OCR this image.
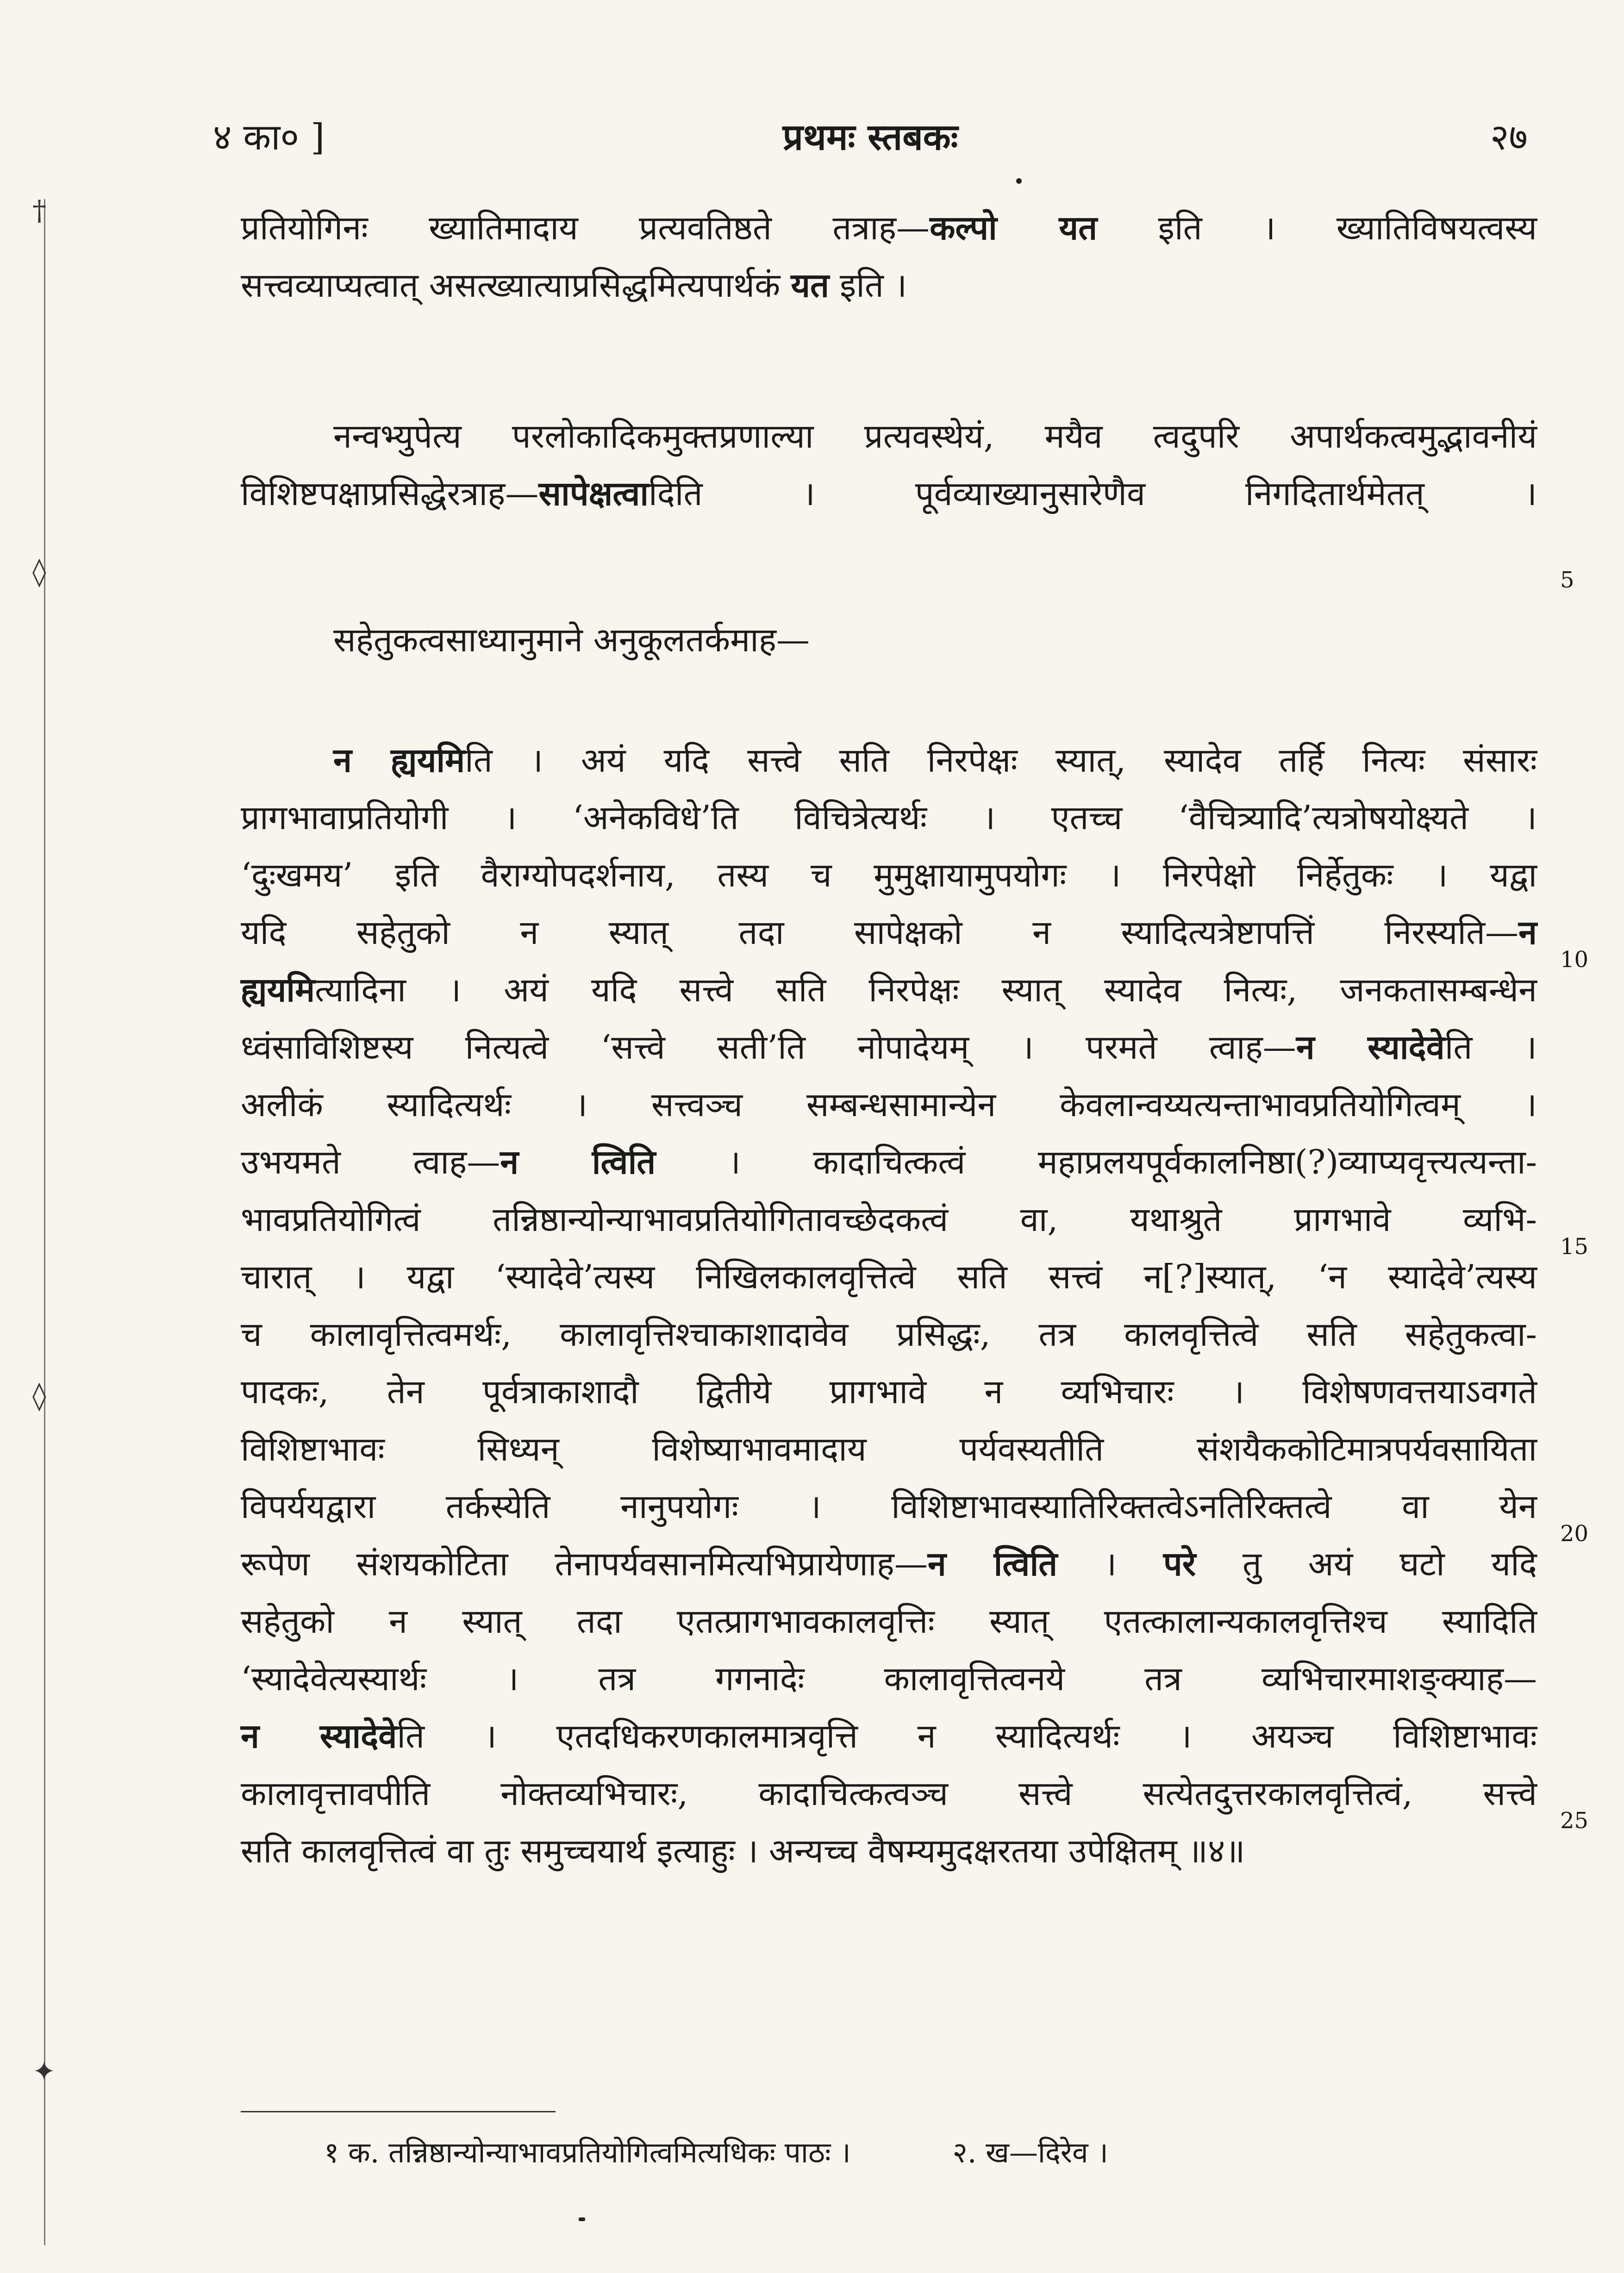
†
◊
◊
✦
४ का० ]	प्रथमः स्तबकः	२७
प्रतियोगिनः ख्यातिमादाय प्रत्यवतिष्ठते तत्राह—कल्पो यत इति । ख्यातिविषयत्वस्य
सत्त्वव्याप्यत्वात् असत्ख्यात्याप्रसिद्धमित्यपार्थकं यत इति ।
नन्वभ्युपेत्य परलोकादिकमुक्तप्रणाल्या प्रत्यवस्थेयं, मयैव त्वदुपरि अपार्थकत्वमुद्भावनीयं
विशिष्टपक्षाप्रसिद्धेरत्राह—सापेक्षत्वादिति । पूर्वव्याख्यानुसारेणैव निगदितार्थमेतत् ।
5
सहेतुकत्वसाध्यानुमाने अनुकूलतर्कमाह—
न ह्ययमिति । अयं यदि सत्त्वे सति निरपेक्षः स्यात्, स्यादेव तर्हि नित्यः संसारः
प्रागभावाप्रतियोगी । ‘अनेकविधे’ति विचित्रेत्यर्थः । एतच्च ‘वैचित्र्यादि’त्यत्रोषयोक्ष्यते ।
‘दुःखमय’ इति वैराग्योपदर्शनाय, तस्य च मुमुक्षायामुपयोगः । निरपेक्षो निर्हेतुकः । यद्वा
यदि सहेतुको न स्यात् तदा सापेक्षको न स्यादित्यत्रेष्टापत्तिं निरस्यति—न
ह्ययमित्यादिना । अयं यदि सत्त्वे सति निरपेक्षः स्यात् स्यादेव नित्यः, जनकतासम्बन्धेन
ध्वंसाविशिष्टस्य नित्यत्वे ‘सत्त्वे सती’ति नोपादेयम् । परमते त्वाह—न स्यादेवेति ।
अलीकं स्यादित्यर्थः । सत्त्वञ्च सम्बन्धसामान्येन केवलान्वय्यत्यन्ताभावप्रतियोगित्वम् ।
उभयमते त्वाह—न त्विति । कादाचित्कत्वं महाप्रलयपूर्वकालनिष्ठा(?)व्याप्यवृत्त्यत्यन्ता-
भावप्रतियोगित्वं तन्निष्ठान्योन्याभावप्रतियोगितावच्छेदकत्वं वा, यथाश्रुते प्रागभावे व्यभि-
चारात् । यद्वा ‘स्यादेवे’त्यस्य निखिलकालवृत्तित्वे सति सत्त्वं न[?]स्यात्, ‘न स्यादेवे’त्यस्य
च कालावृत्तित्वमर्थः, कालावृत्तिश्चाकाशादावेव प्रसिद्धः, तत्र कालवृत्तित्वे सति सहेतुकत्वा-
पादकः, तेन पूर्वत्राकाशादौ द्वितीये प्रागभावे न व्यभिचारः । विशेषणवत्तयाऽवगते
विशिष्टाभावः सिध्यन् विशेष्याभावमादाय पर्यवस्यतीति संशयैककोटिमात्रपर्यवसायिता
विपर्ययद्वारा तर्कस्येति नानुपयोगः । विशिष्टाभावस्यातिरिक्तत्वेऽनतिरिक्तत्वे वा येन
रूपेण संशयकोटिता तेनापर्यवसानमित्यभिप्रायेणाह—न त्विति । परे तु अयं घटो यदि
सहेतुको न स्यात् तदा एतत्प्रागभावकालवृत्तिः स्यात् एतत्कालान्यकालवृत्तिश्च स्यादिति
‘स्यादेवेत्यस्यार्थः । तत्र गगनादेः कालावृत्तित्वनये तत्र व्यभिचारमाशङ्क्याह—
न स्यादेवेति । एतदधिकरणकालमात्रवृत्ति न स्यादित्यर्थः । अयञ्च विशिष्टाभावः
कालावृत्तावपीति नोक्तव्यभिचारः, कादाचित्कत्वञ्च सत्त्वे सत्येतदुत्तरकालवृत्तित्वं, सत्त्वे
सति कालवृत्तित्वं वा तुः समुच्चयार्थ इत्याहुः । अन्यच्च वैषम्यमुदक्षरतया उपेक्षितम् ॥४॥
10
15
20
25
१ क. तन्निष्ठान्योन्याभावप्रतियोगित्वमित्यधिकः पाठः ।	२. ख—दिरेव ।
